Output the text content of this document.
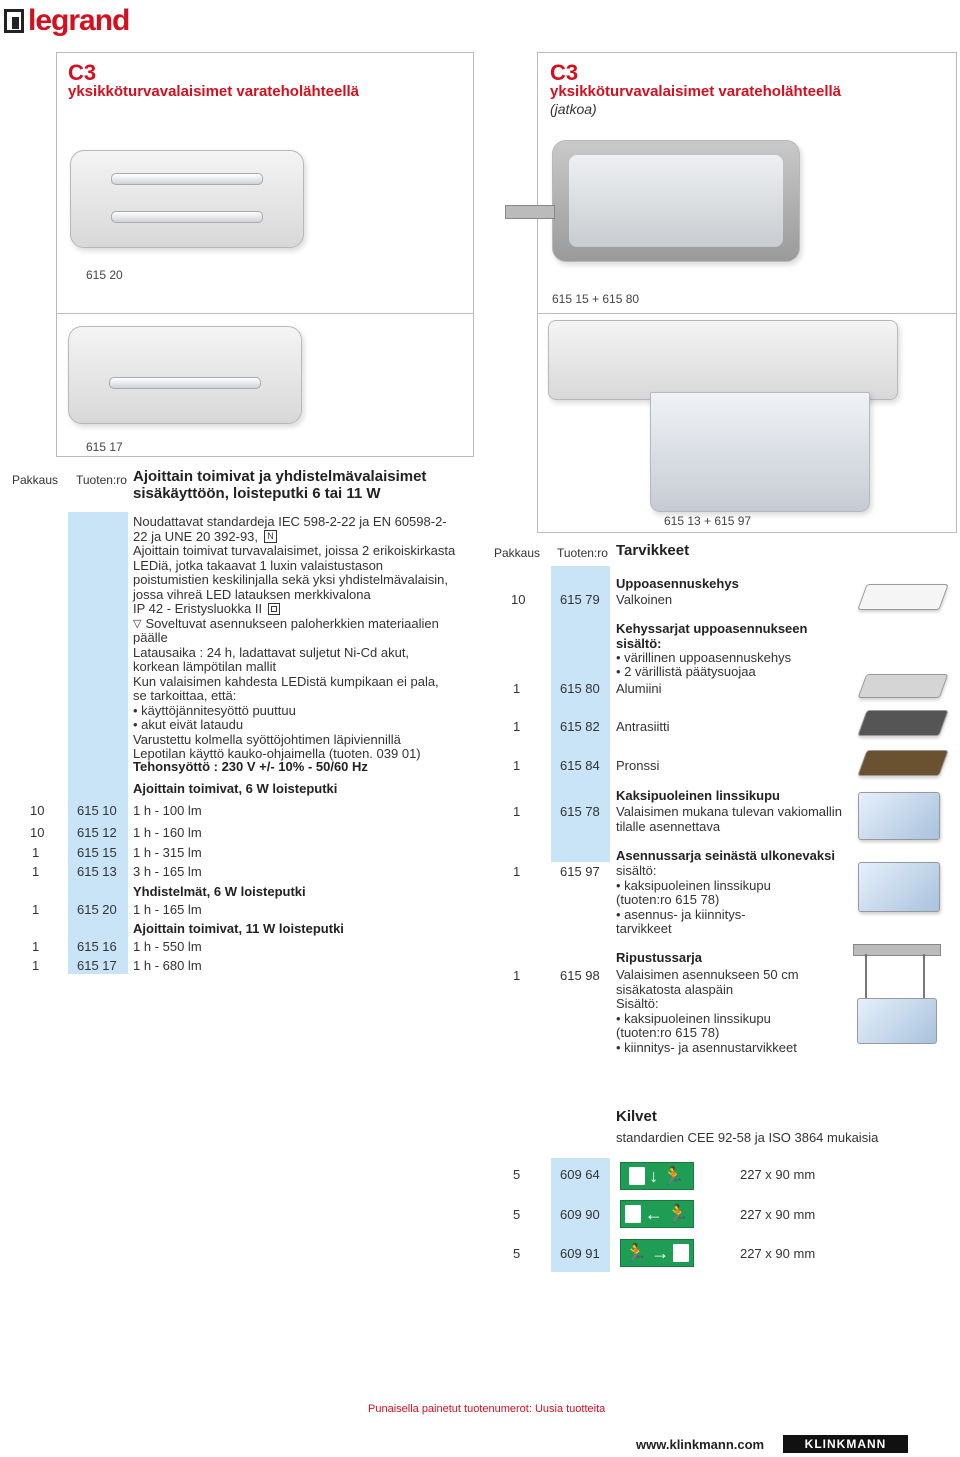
legrand
C3
yksikköturvavalaisimet varateholähteellä
615 20
615 17
Pakkaus Tuoten:ro Ajoittain toimivat ja yhdistelmävalaisimet
sisäkäyttöön, loisteputki 6 tai 11 W
Noudattavat standardeja IEC 598-2-22 ja EN 60598-2-
22 ja UNE 20 392-93,	N
Ajoittain toimivat turvavalaisimet, joissa 2 erikoiskirkasta
LEDiä, jotka takaavat 1 luxin valaistustason
poistumistien keskilinjalla sekä yksi yhdistelmävalaisin,
jossa vihreä LED latauksen merkkivalona
IP 42 - Eristysluokka II
▽ Soveltuvat asennukseen paloherkkien materiaalien
päälle
Latausaika : 24 h, ladattavat suljetut Ni-Cd akut,
korkean lämpötilan mallit
Kun valaisimen kahdesta LEDistä kumpikaan ei pala,
se tarkoittaa, että:
• käyttöjännitesyöttö puuttuu
• akut eivät lataudu
Varustettu kolmella syöttöjohtimen läpiviennillä
Lepotilan käyttö kauko-ohjaimella (tuoten. 039 01)
Tehonsyöttö : 230 V +/- 10% - 50/60 Hz
Ajoittain toimivat, 6 W loisteputki
10	615 10 1 h - 100 lm
10	615 12 1 h - 160 lm
1	615 15 1 h - 315 lm
1	615 13 3 h - 165 lm
Yhdistelmät, 6 W loisteputki
1	615 20 1 h - 165 lm
Ajoittain toimivat, 11 W loisteputki
1	615 16 1 h - 550 lm
1	615 17 1 h - 680 lm
C3
yksikköturvavalaisimet varateholähteellä
(jatkoa)
615 15 + 615 80
615 13 + 615 97
Pakkaus Tuoten:ro Tarvikkeet
Uppoasennuskehys
10	615 79 Valkoinen
Kehyssarjat uppoasennukseen
sisältö:
• värillinen uppoasennuskehys
• 2 värillistä päätysuojaa
1	615 80 Alumiini
1	615 82 Antrasiitti
1	615 84 Pronssi
Kaksipuoleinen linssikupu
1	615 78 Valaisimen mukana tulevan vakiomallin
tilalle asennettava
Asennussarja seinästä ulkonevaksi
1	615 97 sisältö:
• kaksipuoleinen linssikupu
(tuoten:ro 615 78)
• asennus- ja kiinnitys-
tarvikkeet
Ripustussarja
1	615 98 Valaisimen asennukseen 50 cm
sisäkatosta alaspäin
Sisältö:
• kaksipuoleinen linssikupu
(tuoten:ro 615 78)
• kiinnitys- ja asennustarvikkeet
Kilvet
standardien CEE 92-58 ja ISO 3864 mukaisia
5	609 64	↓ 🏃	227 x 90 mm
5	609 90	← 🏃	227 x 90 mm
5	609 91 🏃 →	227 x 90 mm
Punaisella painetut tuotenumerot: Uusia tuotteita
www.klinkmann.com	KLINKMANN
